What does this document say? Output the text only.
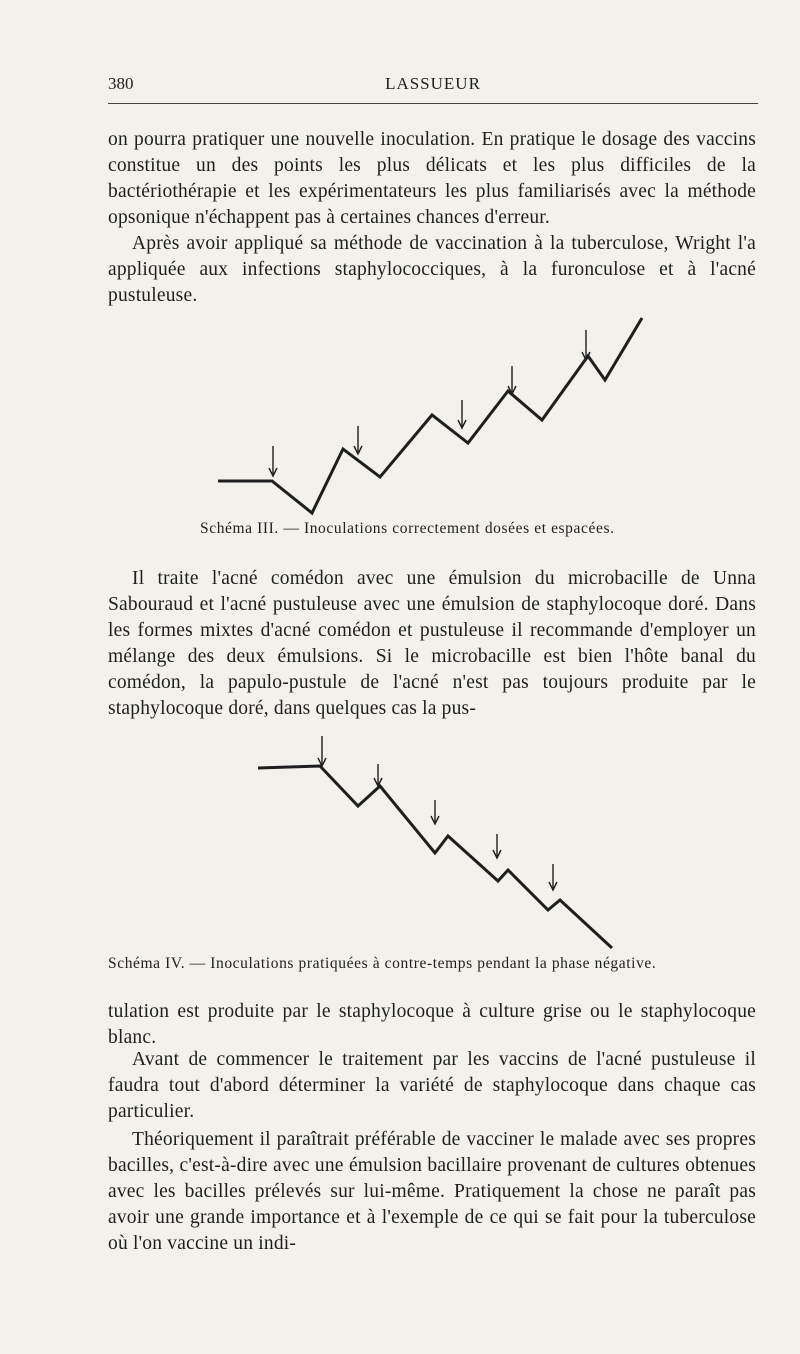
380	LASSUEUR

on pourra pratiquer une nouvelle inoculation. En pratique le dosage des vaccins constitue un des points les plus délicats et les plus difficiles de la bactériothérapie et les expérimentateurs les plus familiarisés avec la méthode opsonique n'échappent pas à certaines chances d'erreur.

Après avoir appliqué sa méthode de vaccination à la tuberculose, Wright l'a appliquée aux infections staphylococciques, à la furonculose et à l'acné pustuleuse.

Schéma III. — Inoculations correctement dosées et espacées.

Il traite l'acné comédon avec une émulsion du microbacille de Unna Sabouraud et l'acné pustuleuse avec une émulsion de staphylocoque doré. Dans les formes mixtes d'acné comédon et pustuleuse il recommande d'employer un mélange des deux émulsions. Si le microbacille est bien l'hôte banal du comédon, la papulo-pustule de l'acné n'est pas toujours produite par le staphylocoque doré, dans quelques cas la pus-

Schéma IV. — Inoculations pratiquées à contre-temps pendant la phase négative.

tulation est produite par le staphylocoque à culture grise ou le staphylocoque blanc.

Avant de commencer le traitement par les vaccins de l'acné pustuleuse il faudra tout d'abord déterminer la variété de staphylocoque dans chaque cas particulier.

Théoriquement il paraîtrait préférable de vacciner le malade avec ses propres bacilles, c'est-à-dire avec une émulsion bacillaire provenant de cultures obtenues avec les bacilles prélevés sur lui-même. Pratiquement la chose ne paraît pas avoir une grande importance et à l'exemple de ce qui se fait pour la tuberculose où l'on vaccine un indi-
